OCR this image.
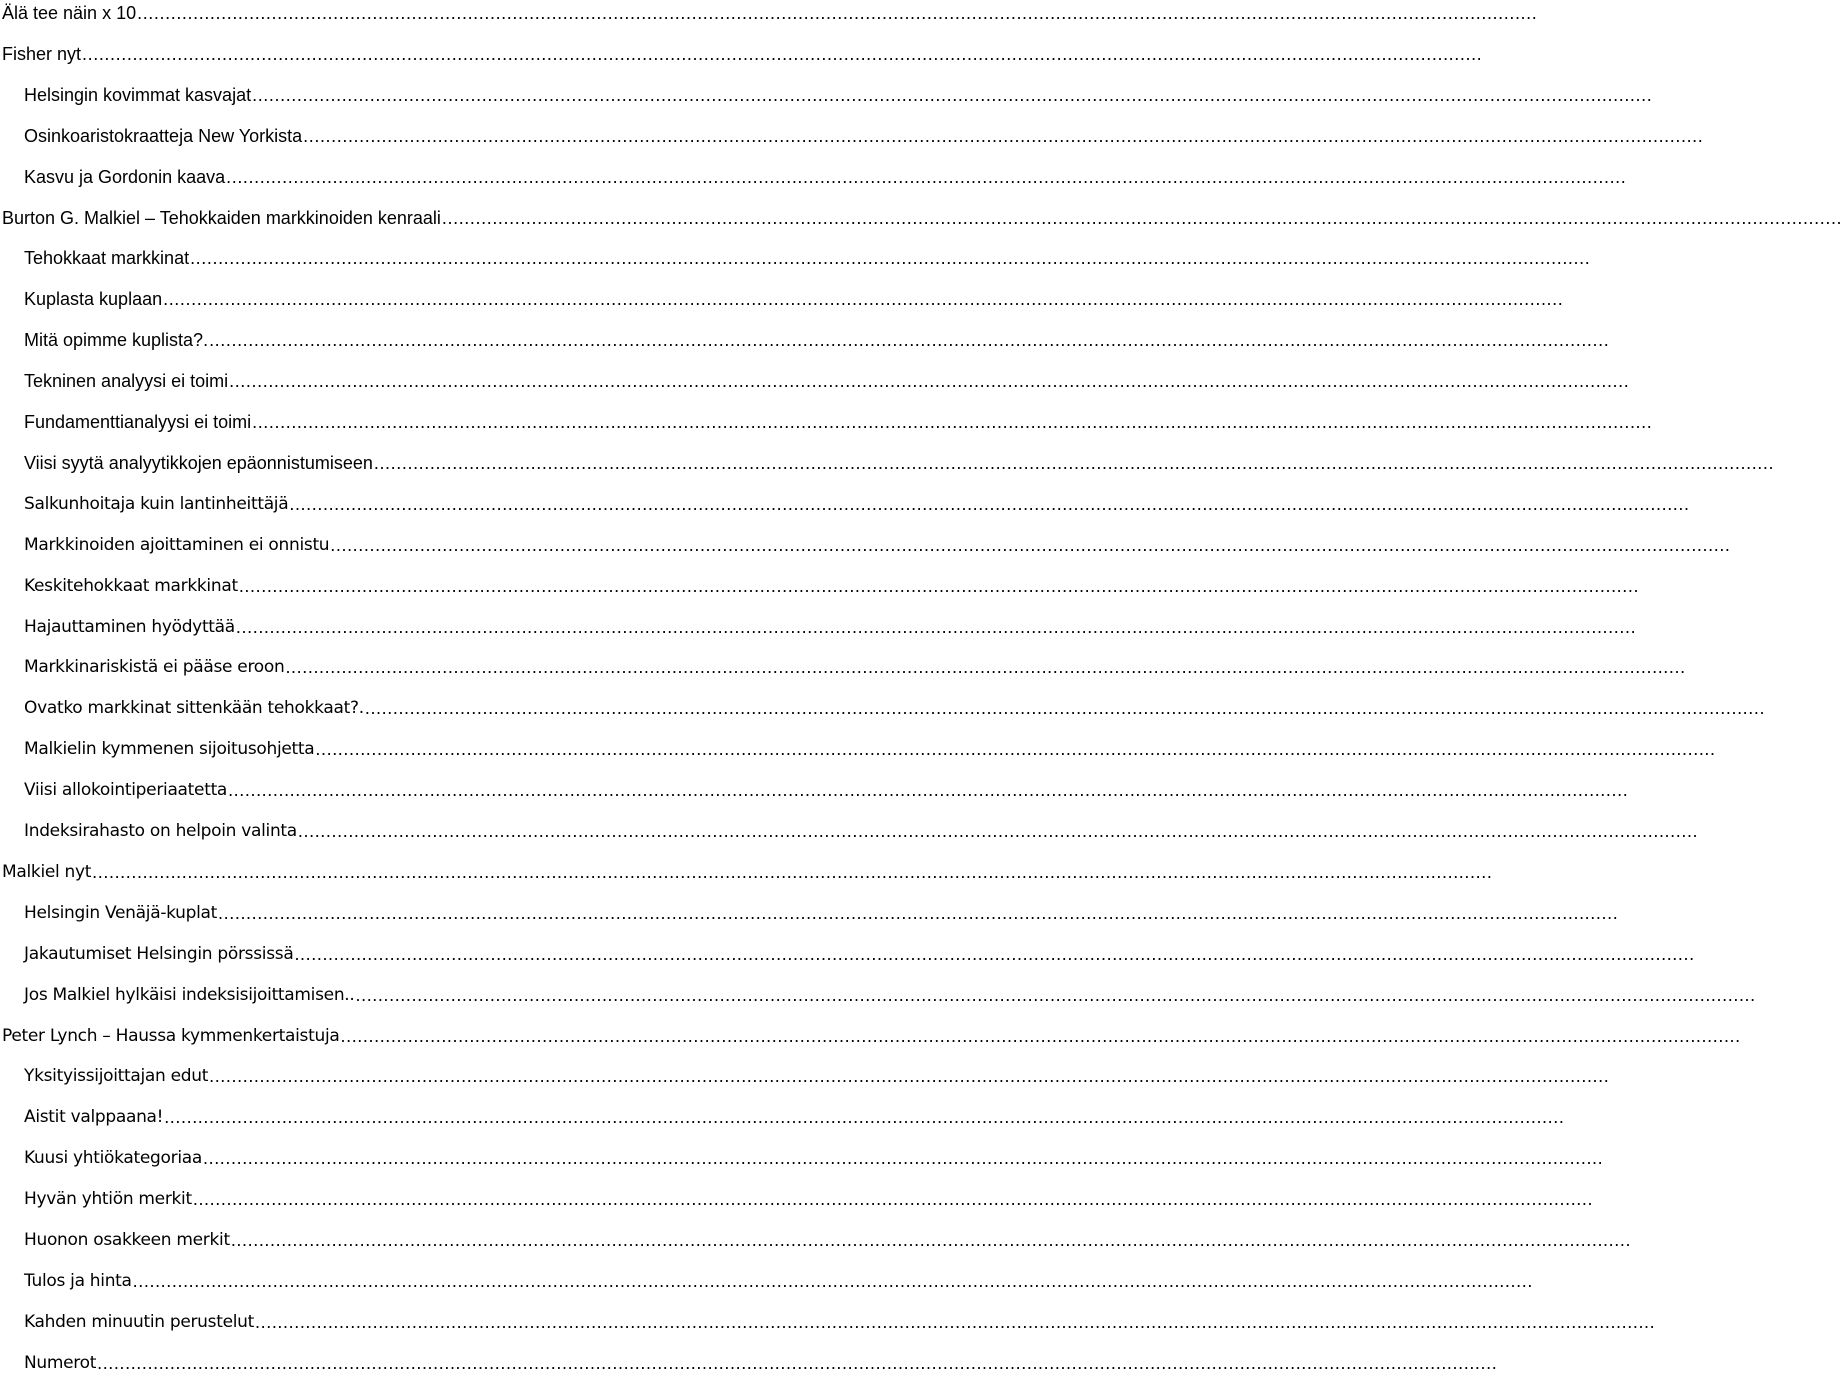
Älä tee näin x 10 ..........................................................................................................................................................................................................................................................
Fisher nyt ..........................................................................................................................................................................................................................................................
Helsingin kovimmat kasvajat ..........................................................................................................................................................................................................................................................
Osinkoaristokraatteja New Yorkista ..........................................................................................................................................................................................................................................................
Kasvu ja Gordonin kaava ..........................................................................................................................................................................................................................................................
Burton G. Malkiel – Tehokkaiden markkinoiden kenraali ..........................................................................................................................................................................................................................................................
Tehokkaat markkinat ..........................................................................................................................................................................................................................................................
Kuplasta kuplaan ..........................................................................................................................................................................................................................................................
Mitä opimme kuplista?. ..........................................................................................................................................................................................................................................................
Tekninen analyysi ei toimi ..........................................................................................................................................................................................................................................................
Fundamenttianalyysi ei toimi ..........................................................................................................................................................................................................................................................
Viisi syytä analyytikkojen epäonnistumiseen ..........................................................................................................................................................................................................................................................
Salkunhoitaja kuin lantinheittäjä ..........................................................................................................................................................................................................................................................
Markkinoiden ajoittaminen ei onnistu ..........................................................................................................................................................................................................................................................
Keskitehokkaat markkinat ..........................................................................................................................................................................................................................................................
Hajauttaminen hyödyttää ..........................................................................................................................................................................................................................................................
Markkinariskistä ei pääse eroon ..........................................................................................................................................................................................................................................................
Ovatko markkinat sittenkään tehokkaat?. ..........................................................................................................................................................................................................................................................
Malkielin kymmenen sijoitusohjetta ..........................................................................................................................................................................................................................................................
Viisi allokointiperiaatetta ..........................................................................................................................................................................................................................................................
Indeksirahasto on helpoin valinta ..........................................................................................................................................................................................................................................................
Malkiel nyt ..........................................................................................................................................................................................................................................................
Helsingin Venäjä-kuplat ..........................................................................................................................................................................................................................................................
Jakautumiset Helsingin pörssissä ..........................................................................................................................................................................................................................................................
Jos Malkiel hylkäisi indeksisijoittamisen.. ..........................................................................................................................................................................................................................................................
Peter Lynch – Haussa kymmenkertaistuja ..........................................................................................................................................................................................................................................................
Yksityissijoittajan edut ..........................................................................................................................................................................................................................................................
Aistit valppaana! ..........................................................................................................................................................................................................................................................
Kuusi yhtiökategoriaa ..........................................................................................................................................................................................................................................................
Hyvän yhtiön merkit ..........................................................................................................................................................................................................................................................
Huonon osakkeen merkit ..........................................................................................................................................................................................................................................................
Tulos ja hinta ..........................................................................................................................................................................................................................................................
Kahden minuutin perustelut ..........................................................................................................................................................................................................................................................
Numerot ..........................................................................................................................................................................................................................................................
